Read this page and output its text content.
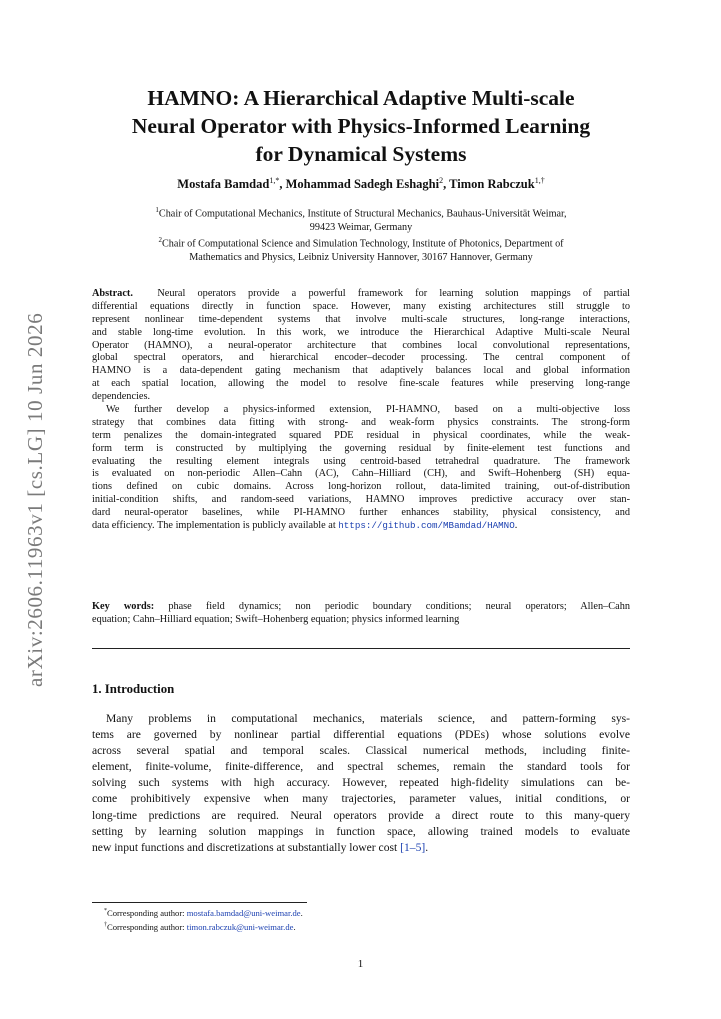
arXiv:2606.11963v1 [cs.LG] 10 Jun 2026
HAMNO: A Hierarchical Adaptive Multi-scale
Neural Operator with Physics-Informed Learning
for Dynamical Systems
Mostafa Bamdad$^{1,*}$, Mohammad Sadegh Eshaghi$^2$, Timon Rabczuk$^{1,\dagger}$
$^1$Chair of Computational Mechanics, Institute of Structural Mechanics, Bauhaus-Universität Weimar,
99423 Weimar, Germany
$^2$Chair of Computational Science and Simulation Technology, Institute of Photonics, Department of
Mathematics and Physics, Leibniz University Hannover, 30167 Hannover, Germany
Abstract. Neural operators provide a powerful framework for learning solution mappings of partial
differential equations directly in function space. However, many existing architectures still struggle to
represent nonlinear time-dependent systems that involve multi-scale structures, long-range interactions,
and stable long-time evolution. In this work, we introduce the Hierarchical Adaptive Multi-scale Neural
Operator (HAMNO), a neural-operator architecture that combines local convolutional representations,
global spectral operators, and hierarchical encoder–decoder processing. The central component of
HAMNO is a data-dependent gating mechanism that adaptively balances local and global information
at each spatial location, allowing the model to resolve fine-scale features while preserving long-range
dependencies.
We further develop a physics-informed extension, PI-HAMNO, based on a multi-objective loss
strategy that combines data fitting with strong- and weak-form physics constraints. The strong-form
term penalizes the domain-integrated squared PDE residual in physical coordinates, while the weak-
form term is constructed by multiplying the governing residual by finite-element test functions and
evaluating the resulting element integrals using centroid-based tetrahedral quadrature. The framework
is evaluated on non-periodic Allen–Cahn (AC), Cahn–Hilliard (CH), and Swift–Hohenberg (SH) equa-
tions defined on cubic domains. Across long-horizon rollout, data-limited training, out-of-distribution
initial-condition shifts, and random-seed variations, HAMNO improves predictive accuracy over stan-
dard neural-operator baselines, while PI-HAMNO further enhances stability, physical consistency, and
data efficiency. The implementation is publicly available at https://github.com/MBamdad/HAMNO.
Key words: phase field dynamics; non periodic boundary conditions; neural operators; Allen–Cahn
equation; Cahn–Hilliard equation; Swift–Hohenberg equation; physics informed learning
1. Introduction
Many problems in computational mechanics, materials science, and pattern-forming sys-
tems are governed by nonlinear partial differential equations (PDEs) whose solutions evolve
across several spatial and temporal scales. Classical numerical methods, including finite-
element, finite-volume, finite-difference, and spectral schemes, remain the standard tools for
solving such systems with high accuracy. However, repeated high-fidelity simulations can be-
come prohibitively expensive when many trajectories, parameter values, initial conditions, or
long-time predictions are required. Neural operators provide a direct route to this many-query
setting by learning solution mappings in function space, allowing trained models to evaluate
new input functions and discretizations at substantially lower cost [1–5].
*Corresponding author: mostafa.bamdad@uni-weimar.de.
†Corresponding author: timon.rabczuk@uni-weimar.de.
1
